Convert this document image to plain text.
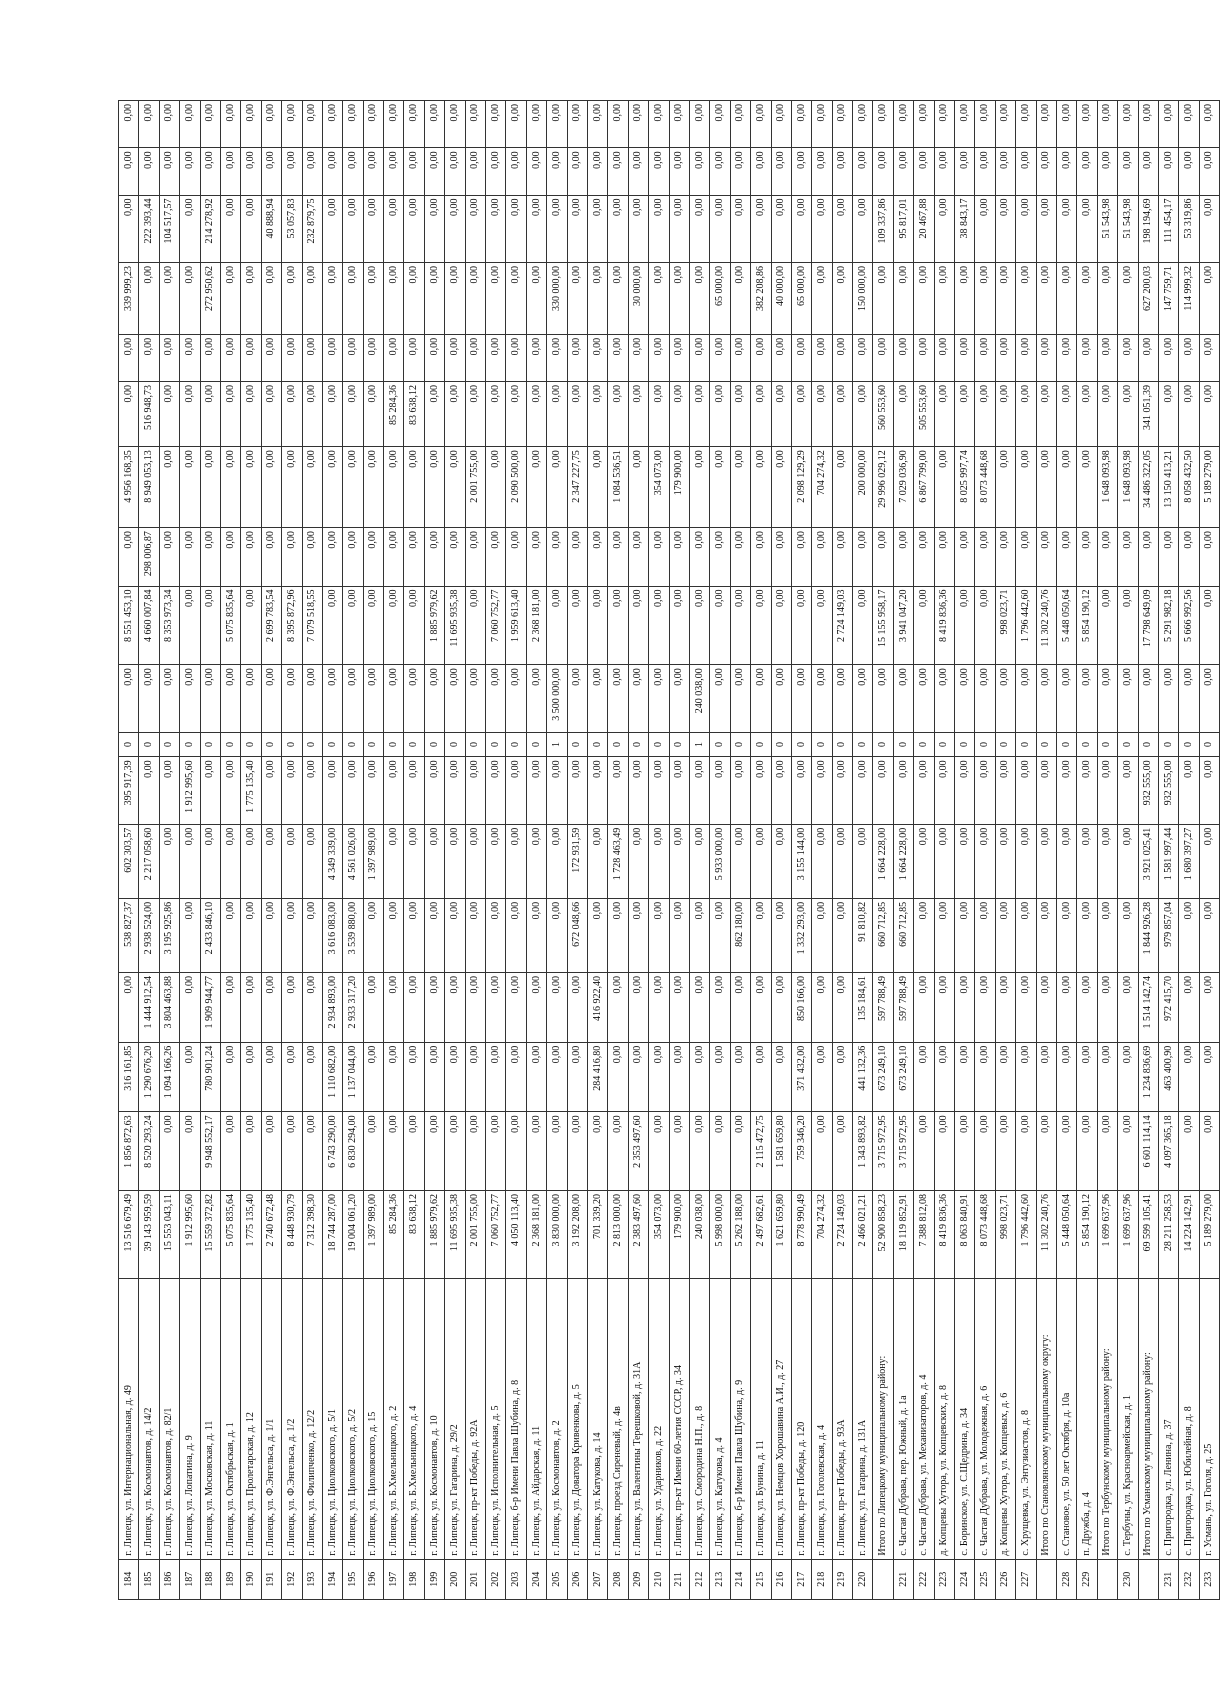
184	г. Липецк, ул. Интернациональная, д. 49	13 516 679,49	1 856 872,63	316 161,85	0,00	538 827,37	602 303,57	395 917,39	0	0,00	8 551 453,10	0,00	4 956 168,35	0,00	0,00	339 999,23	0,00	0,00	0,00
185	г. Липецк, ул. Космонавтов, д. 14/2	39 143 959,59	8 520 293,24	1 290 676,20	1 444 912,54	2 938 524,00	2 217 058,60	0,00	0	0,00	4 660 007,84	298 006,87	8 949 053,13	516 948,73	0,00	0,00	222 393,44	0,00	0,00
186	г. Липецк, ул. Космонавтов, д. 82/1	15 553 043,11	0,00	1 094 166,26	3 804 463,88	3 195 925,86	0,00	0,00	0	0,00	8 353 973,34	0,00	0,00	0,00	0,00	0,00	104 517,57	0,00	0,00
187	г. Липецк, ул. Лопатина, д. 9	1 912 995,60	0,00	0,00	0,00	0,00	0,00	1 912 995,60	0	0,00	0,00	0,00	0,00	0,00	0,00	0,00	0,00	0,00	0,00
188	г. Липецк, ул. Московская, д. 11	15 559 372,82	9 948 552,17	780 901,24	1 909 944,77	2 433 846,10	0,00	0,00	0	0,00	0,00	0,00	0,00	0,00	0,00	272 950,62	214 278,92	0,00	0,00
189	г. Липецк, ул. Октябрьская, д. 1	5 075 835,64	0,00	0,00	0,00	0,00	0,00	0,00	0	0,00	5 075 835,64	0,00	0,00	0,00	0,00	0,00	0,00	0,00	0,00
190	г. Липецк, ул. Пролетарская, д. 12	1 775 135,40	0,00	0,00	0,00	0,00	0,00	1 775 135,40	0	0,00	0,00	0,00	0,00	0,00	0,00	0,00	0,00	0,00	0,00
191	г. Липецк, ул. Ф.Энгельса, д. 1/1	2 740 672,48	0,00	0,00	0,00	0,00	0,00	0,00	0	0,00	2 699 783,54	0,00	0,00	0,00	0,00	0,00	40 888,94	0,00	0,00
192	г. Липецк, ул. Ф.Энгельса, д. 1/2	8 448 930,79	0,00	0,00	0,00	0,00	0,00	0,00	0	0,00	8 395 872,96	0,00	0,00	0,00	0,00	0,00	53 057,83	0,00	0,00
193	г. Липецк, ул. Филипченко, д. 12/2	7 312 398,30	0,00	0,00	0,00	0,00	0,00	0,00	0	0,00	7 079 518,55	0,00	0,00	0,00	0,00	0,00	232 879,75	0,00	0,00
194	г. Липецк, ул. Циолковского, д. 5/1	18 744 287,00	6 743 290,00	1 110 682,00	2 934 893,00	3 616 083,00	4 349 339,00	0,00	0	0,00	0,00	0,00	0,00	0,00	0,00	0,00	0,00	0,00	0,00
195	г. Липецк, ул. Циолковского, д. 5/2	19 004 061,20	6 830 294,00	1 137 044,00	2 933 317,20	3 539 880,00	4 561 026,00	0,00	0	0,00	0,00	0,00	0,00	0,00	0,00	0,00	0,00	0,00	0,00
196	г. Липецк, ул. Циолковского, д. 15	1 397 989,00	0,00	0,00	0,00	0,00	1 397 989,00	0,00	0	0,00	0,00	0,00	0,00	0,00	0,00	0,00	0,00	0,00	0,00
197	г. Липецк, ул. Б.Хмельницкого, д. 2	85 284,36	0,00	0,00	0,00	0,00	0,00	0,00	0	0,00	0,00	0,00	0,00	85 284,36	0,00	0,00	0,00	0,00	0,00
198	г. Липецк, ул. Б.Хмельницкого, д. 4	83 638,12	0,00	0,00	0,00	0,00	0,00	0,00	0	0,00	0,00	0,00	0,00	83 638,12	0,00	0,00	0,00	0,00	0,00
199	г. Липецк, ул. Космонавтов, д. 10	1 885 979,62	0,00	0,00	0,00	0,00	0,00	0,00	0	0,00	1 885 979,62	0,00	0,00	0,00	0,00	0,00	0,00	0,00	0,00
200	г. Липецк, ул. Гагарина, д. 29/2	11 695 935,38	0,00	0,00	0,00	0,00	0,00	0,00	0	0,00	11 695 935,38	0,00	0,00	0,00	0,00	0,00	0,00	0,00	0,00
201	г. Липецк, пр-кт Победы, д. 92А	2 001 755,00	0,00	0,00	0,00	0,00	0,00	0,00	0	0,00	0,00	0,00	2 001 755,00	0,00	0,00	0,00	0,00	0,00	0,00
202	г. Липецк, ул. Исполнительная, д. 5	7 060 752,77	0,00	0,00	0,00	0,00	0,00	0,00	0	0,00	7 060 752,77	0,00	0,00	0,00	0,00	0,00	0,00	0,00	0,00
203	г. Липецк, б-р Имени Павла Шубина, д. 8	4 050 113,40	0,00	0,00	0,00	0,00	0,00	0,00	0	0,00	1 959 613,40	0,00	2 090 500,00	0,00	0,00	0,00	0,00	0,00	0,00
204	г. Липецк, ул. Айдарская, д. 11	2 368 181,00	0,00	0,00	0,00	0,00	0,00	0,00	0	0,00	2 368 181,00	0,00	0,00	0,00	0,00	0,00	0,00	0,00	0,00
205	г. Липецк, ул. Космонавтов, д. 2	3 830 000,00	0,00	0,00	0,00	0,00	0,00	0,00	1	3 500 000,00	0,00	0,00	0,00	0,00	0,00	330 000,00	0,00	0,00	0,00
206	г. Липецк, ул. Доватора Кривенкова, д. 5	3 192 208,00	0,00	0,00	0,00	672 048,66	172 931,59	0,00	0	0,00	0,00	0,00	2 347 227,75	0,00	0,00	0,00	0,00	0,00	0,00
207	г. Липецк, ул. Катукова, д. 14	701 339,20	0,00	284 416,80	416 922,40	0,00	0,00	0,00	0	0,00	0,00	0,00	0,00	0,00	0,00	0,00	0,00	0,00	0,00
208	г. Липецк, проезд Сиреневый, д. 4в	2 813 000,00	0,00	0,00	0,00	0,00	1 728 463,49	0,00	0	0,00	0,00	0,00	1 084 536,51	0,00	0,00	0,00	0,00	0,00	0,00
209	г. Липецк, ул. Валентины Терешковой, д. 31А	2 383 497,60	2 353 497,60	0,00	0,00	0,00	0,00	0,00	0	0,00	0,00	0,00	0,00	0,00	0,00	30 000,00	0,00	0,00	0,00
210	г. Липецк, ул. Ударников, д. 22	354 073,00	0,00	0,00	0,00	0,00	0,00	0,00	0	0,00	0,00	0,00	354 073,00	0,00	0,00	0,00	0,00	0,00	0,00
211	г. Липецк, пр-кт Имени 60-летия СССР, д. 34	179 900,00	0,00	0,00	0,00	0,00	0,00	0,00	0	0,00	0,00	0,00	179 900,00	0,00	0,00	0,00	0,00	0,00	0,00
212	г. Липецк, ул. Смородина Н.П., д. 8	240 038,00	0,00	0,00	0,00	0,00	0,00	0,00	1	240 038,00	0,00	0,00	0,00	0,00	0,00	0,00	0,00	0,00	0,00
213	г. Липецк, ул. Катукова, д. 4	5 998 000,00	0,00	0,00	0,00	0,00	5 933 000,00	0,00	0	0,00	0,00	0,00	0,00	0,00	0,00	65 000,00	0,00	0,00	0,00
214	г. Липецк, б-р Имени Павла Шубина, д. 9	5 262 188,00	0,00	0,00	0,00	862 180,00	0,00	0,00	0	0,00	0,00	0,00	0,00	0,00	0,00	0,00	0,00	0,00	0,00
215	г. Липецк, ул. Бунина, д. 11	2 497 682,61	2 115 472,75	0,00	0,00	0,00	0,00	0,00	0	0,00	0,00	0,00	0,00	0,00	0,00	382 208,86	0,00	0,00	0,00
216	г. Липецк, ул. Немцов Хорошавина А.И., д. 27	1 621 659,80	1 581 659,80	0,00	0,00	0,00	0,00	0,00	0	0,00	0,00	0,00	0,00	0,00	0,00	40 000,00	0,00	0,00	0,00
217	г. Липецк, пр-кт Победы, д. 120	8 778 990,49	759 346,20	371 432,00	850 166,00	1 332 293,00	3 155 144,00	0,00	0	0,00	0,00	0,00	2 098 129,29	0,00	0,00	65 000,00	0,00	0,00	0,00
218	г. Липецк, ул. Гоголевская, д. 4	704 274,32	0,00	0,00	0,00	0,00	0,00	0,00	0	0,00	0,00	0,00	704 274,32	0,00	0,00	0,00	0,00	0,00	0,00
219	г. Липецк, пр-кт Победы, д. 93А	2 724 149,03	0,00	0,00	0,00	0,00	0,00	0,00	0	0,00	2 724 149,03	0,00	0,00	0,00	0,00	0,00	0,00	0,00	0,00
220	г. Липецк, ул. Гагарина, д. 131А	2 466 021,21	1 343 893,82	441 132,36	135 184,61	91 810,82	0,00	0,00	0	0,00	0,00	0,00	200 000,00	0,00	0,00	150 000,00	0,00	0,00	0,00
	Итого по Липецкому муниципальному району:	52 900 858,23	3 715 972,95	673 249,10	597 788,49	660 712,85	1 664 228,00	0,00	0	0,00	15 155 958,17	0,00	29 996 029,12	560 553,60	0,00	0,00	109 337,86	0,00	0,00
221	с. Частая Дубрава, пер. Южный, д. 1а	18 119 852,91	3 715 972,95	673 249,10	597 788,49	660 712,85	1 664 228,00	0,00	0	0,00	3 941 047,20	0,00	7 029 036,90	0,00	0,00	0,00	95 817,01	0,00	0,00
222	с. Частая Дубрава, ул. Механизаторов, д. 4	7 388 812,08	0,00	0,00	0,00	0,00	0,00	0,00	0	0,00	0,00	0,00	6 867 799,00	505 553,60	0,00	0,00	20 467,88	0,00	0,00
223	д. Копцевы Хутора, ул. Копцевских, д. 8	8 419 836,36	0,00	0,00	0,00	0,00	0,00	0,00	0	0,00	8 419 836,36	0,00	0,00	0,00	0,00	0,00	0,00	0,00	0,00
224	с. Боринское, ул. С.Щедрина, д. 34	8 063 840,91	0,00	0,00	0,00	0,00	0,00	0,00	0	0,00	0,00	0,00	8 025 997,74	0,00	0,00	0,00	38 843,17	0,00	0,00
225	с. Частая Дубрава, ул. Молодежная, д. 6	8 073 448,68	0,00	0,00	0,00	0,00	0,00	0,00	0	0,00	0,00	0,00	8 073 448,68	0,00	0,00	0,00	0,00	0,00	0,00
226	д. Копцевы Хутора, ул. Копцевых, д. 6	998 023,71	0,00	0,00	0,00	0,00	0,00	0,00	0	0,00	998 023,71	0,00	0,00	0,00	0,00	0,00	0,00	0,00	0,00
227	с. Хрущевка, ул. Энтузиастов, д. 8	1 796 442,60	0,00	0,00	0,00	0,00	0,00	0,00	0	0,00	1 796 442,60	0,00	0,00	0,00	0,00	0,00	0,00	0,00	0,00
	Итого по Становлянскому муниципальному округу:	11 302 240,76	0,00	0,00	0,00	0,00	0,00	0,00	0	0,00	11 302 240,76	0,00	0,00	0,00	0,00	0,00	0,00	0,00	0,00
228	с. Становое, ул. 50 лет Октября, д. 10а	5 448 050,64	0,00	0,00	0,00	0,00	0,00	0,00	0	0,00	5 448 050,64	0,00	0,00	0,00	0,00	0,00	0,00	0,00	0,00
229	п. Дружба, д. 4	5 854 190,12	0,00	0,00	0,00	0,00	0,00	0,00	0	0,00	5 854 190,12	0,00	0,00	0,00	0,00	0,00	0,00	0,00	0,00
	Итого по Тербунскому муниципальному району:	1 699 637,96	0,00	0,00	0,00	0,00	0,00	0,00	0	0,00	0,00	0,00	1 648 093,98	0,00	0,00	0,00	51 543,98	0,00	0,00
230	с. Тербуны, ул. Красноармейская, д. 1	1 699 637,96	0,00	0,00	0,00	0,00	0,00	0,00	0	0,00	0,00	0,00	1 648 093,98	0,00	0,00	0,00	51 543,98	0,00	0,00
	Итого по Усманскому муниципальному району:	69 599 105,41	6 601 114,14	1 234 836,69	1 514 142,74	1 844 926,28	3 921 025,41	932 555,00	0	0,00	17 798 649,09	0,00	34 486 322,05	341 051,39	0,00	627 200,03	198 194,69	0,00	0,00
231	с. Пригородка, ул. Ленина, д. 37	28 211 258,53	4 097 365,18	463 400,90	972 415,70	979 857,04	1 581 997,44	932 555,00	0	0,00	5 291 982,18	0,00	13 150 413,21	0,00	0,00	147 759,71	111 454,17	0,00	0,00
232	с. Пригородка, ул. Юбилейная, д. 8	14 224 142,91	0,00	0,00	0,00	0,00	1 680 397,27	0,00	0	0,00	5 666 992,56	0,00	8 058 432,50	0,00	0,00	114 999,32	53 319,86	0,00	0,00
233	г. Усмань, ул. Гоголя, д. 25	5 189 279,00	0,00	0,00	0,00	0,00	0,00	0,00	0	0,00	0,00	0,00	5 189 279,00	0,00	0,00	0,00	0,00	0,00	0,00
